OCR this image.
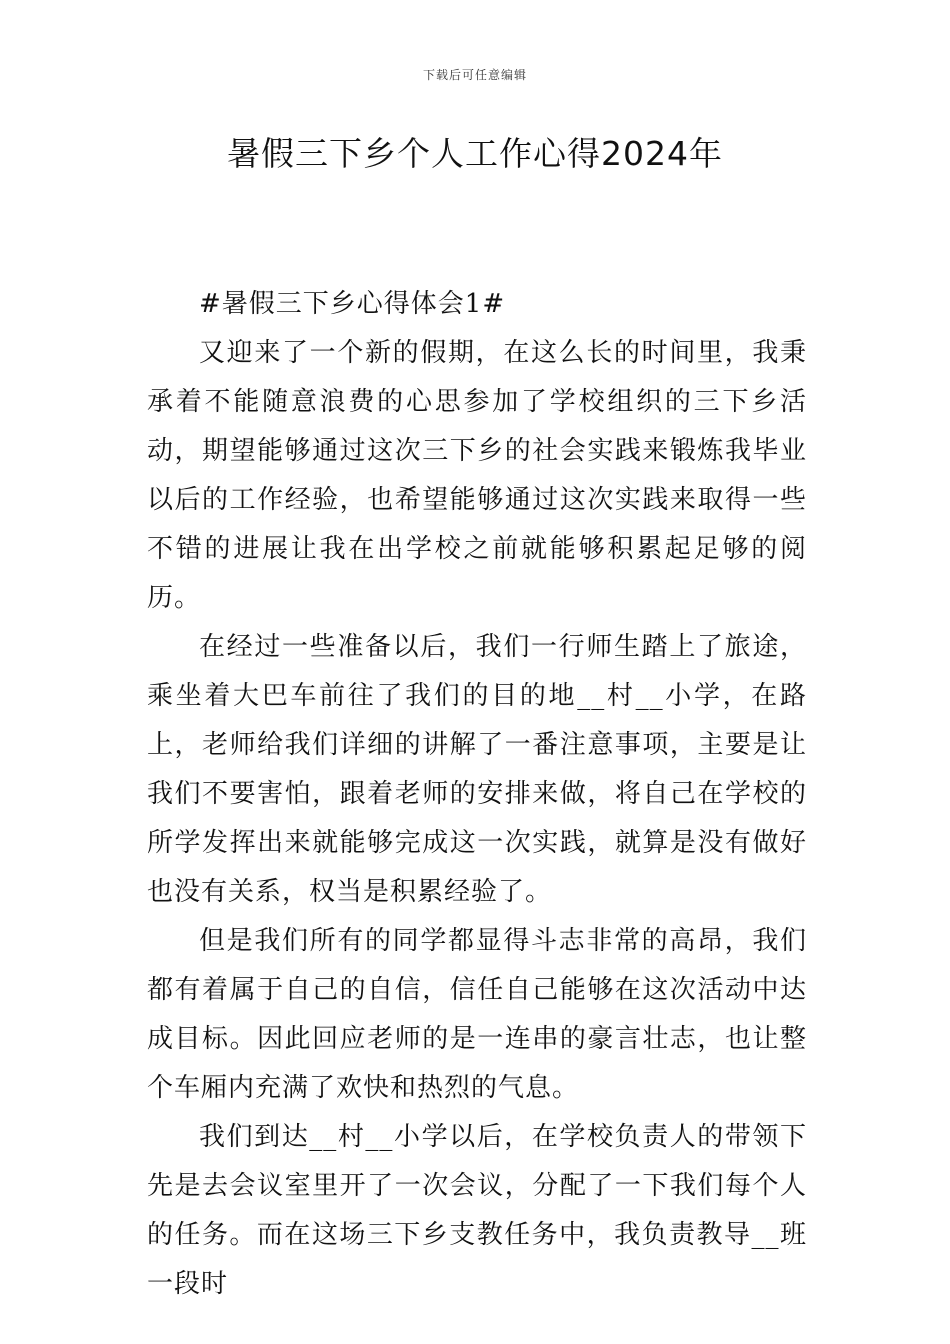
下载后可任意编辑
暑假三下乡个人工作心得2024年

#暑假三下乡心得体会1#

又迎来了一个新的假期，在这么长的时间里，我秉承着不能随意浪费的心思参加了学校组织的三下乡活动，期望能够通过这次三下乡的社会实践来锻炼我毕业以后的工作经验，也希望能够通过这次实践来取得一些不错的进展让我在出学校之前就能够积累起足够的阅历。

在经过一些准备以后，我们一行师生踏上了旅途，乘坐着大巴车前往了我们的目的地__村__小学，在路上，老师给我们详细的讲解了一番注意事项，主要是让我们不要害怕，跟着老师的安排来做，将自己在学校的所学发挥出来就能够完成这一次实践，就算是没有做好也没有关系，权当是积累经验了。

但是我们所有的同学都显得斗志非常的高昂，我们都有着属于自己的自信，信任自己能够在这次活动中达成目标。因此回应老师的是一连串的豪言壮志，也让整个车厢内充满了欢快和热烈的气息。

我们到达__村__小学以后，在学校负责人的带领下先是去会议室里开了一次会议，分配了一下我们每个人的任务。而在这场三下乡支教任务中，我负责教导__班一段时
